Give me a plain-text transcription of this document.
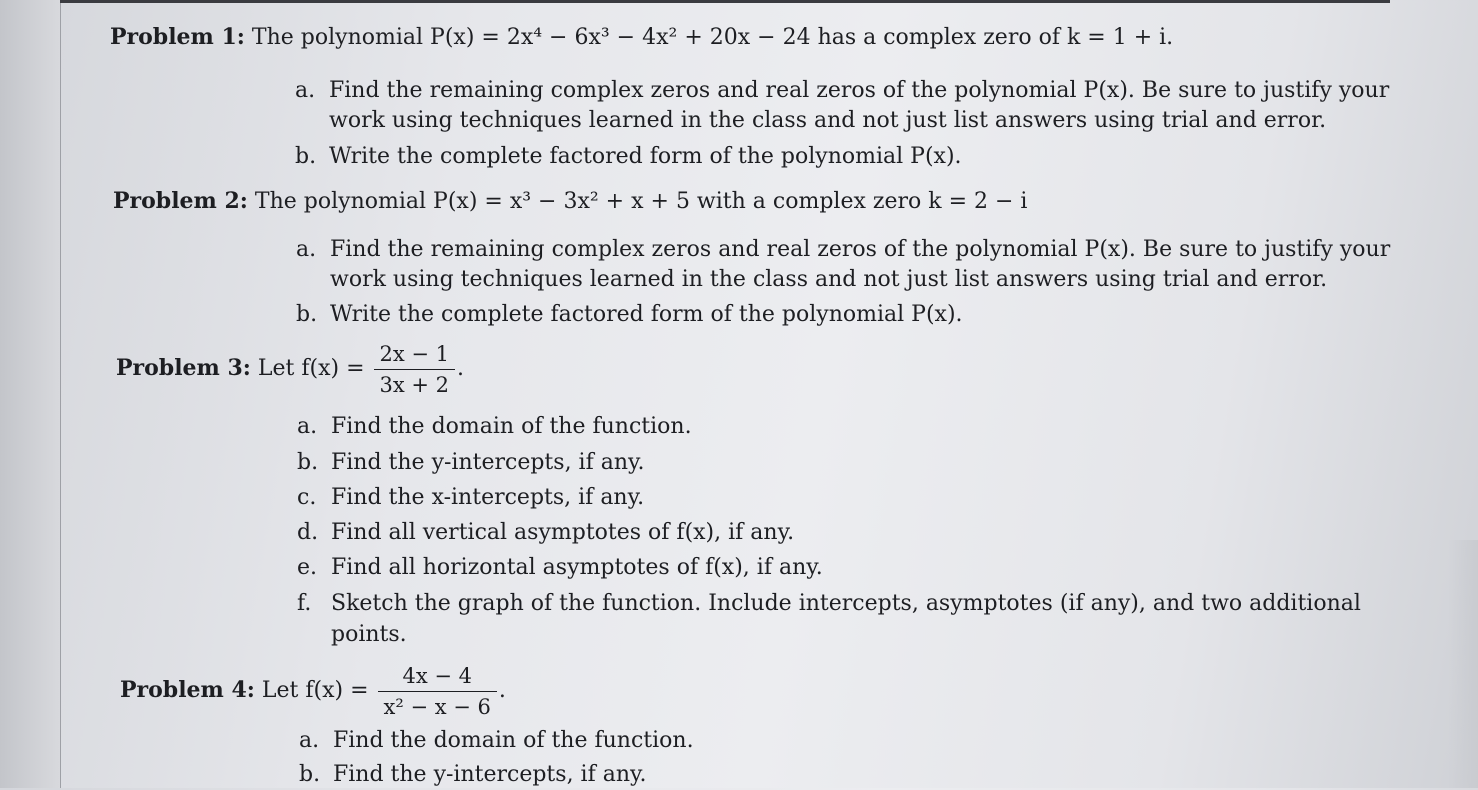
Problem 1: The polynomial P(x) = 2x⁴ − 6x³ − 4x² + 20x − 24 has a complex zero of k = 1 + i.
a. Find the remaining complex zeros and real zeros of the polynomial P(x). Be sure to justify your
work using techniques learned in the class and not just list answers using trial and error.
b. Write the complete factored form of the polynomial P(x).
Problem 2: The polynomial P(x) = x³ − 3x² + x + 5 with a complex zero k = 2 − i
a. Find the remaining complex zeros and real zeros of the polynomial P(x). Be sure to justify your
work using techniques learned in the class and not just list answers using trial and error.
b. Write the complete factored form of the polynomial P(x).
Problem 3: Let $f(x) = \frac{2x - 1}{3x + 2}$ .
a. Find the domain of the function.
b. Find the y-intercepts, if any.
c. Find the x-intercepts, if any.
d. Find all vertical asymptotes of f(x), if any.
e. Find all horizontal asymptotes of f(x), if any.
f. Sketch the graph of the function. Include intercepts, asymptotes (if any), and two additional
points.
Problem 4: Let $f(x) = \frac{4x - 4}{\text{x² − x − 6}}$ .
a. Find the domain of the function.
b. Find the y-intercepts, if any.
